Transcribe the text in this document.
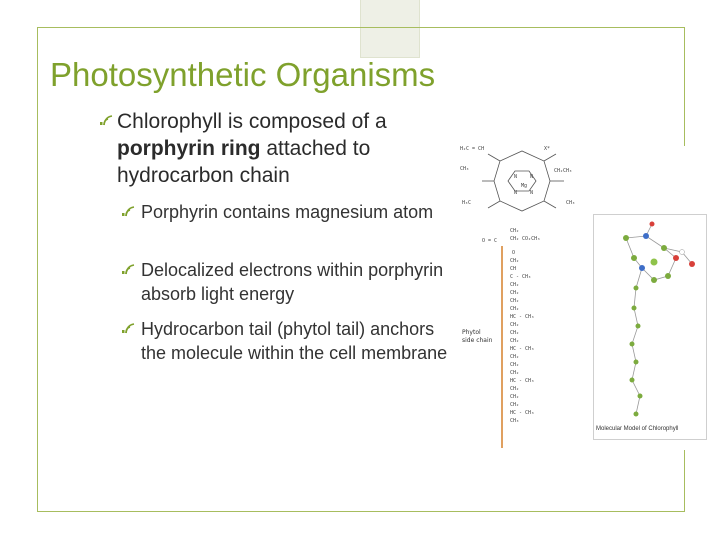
Photosynthetic Organisms
Chlorophyll is composed of a porphyrin ring attached to hydrocarbon chain
Porphyrin contains magnesium atom
Delocalized electrons within porphyrin absorb light energy
Hydrocarbon tail (phytol tail) anchors the molecule within the cell membrane
H₂C = CH	X*
CH₃	CH₂CH₃
H₃C	CH₃
N	N
N	N
Mg
CH₂
CH₂ CO₂CH₃
O = C
O
CH₂
CH
C - CH₃
CH₂
CH₂
CH₂
CH₂
HC - CH₃
CH₂
CH₂
CH₂
HC - CH₃
CH₂
CH₂
CH₂
HC - CH₃
CH₂
CH₂
CH₂
HC - CH₃
CH₃
Phytol
side chain
Molecular Model of Chlorophyll
